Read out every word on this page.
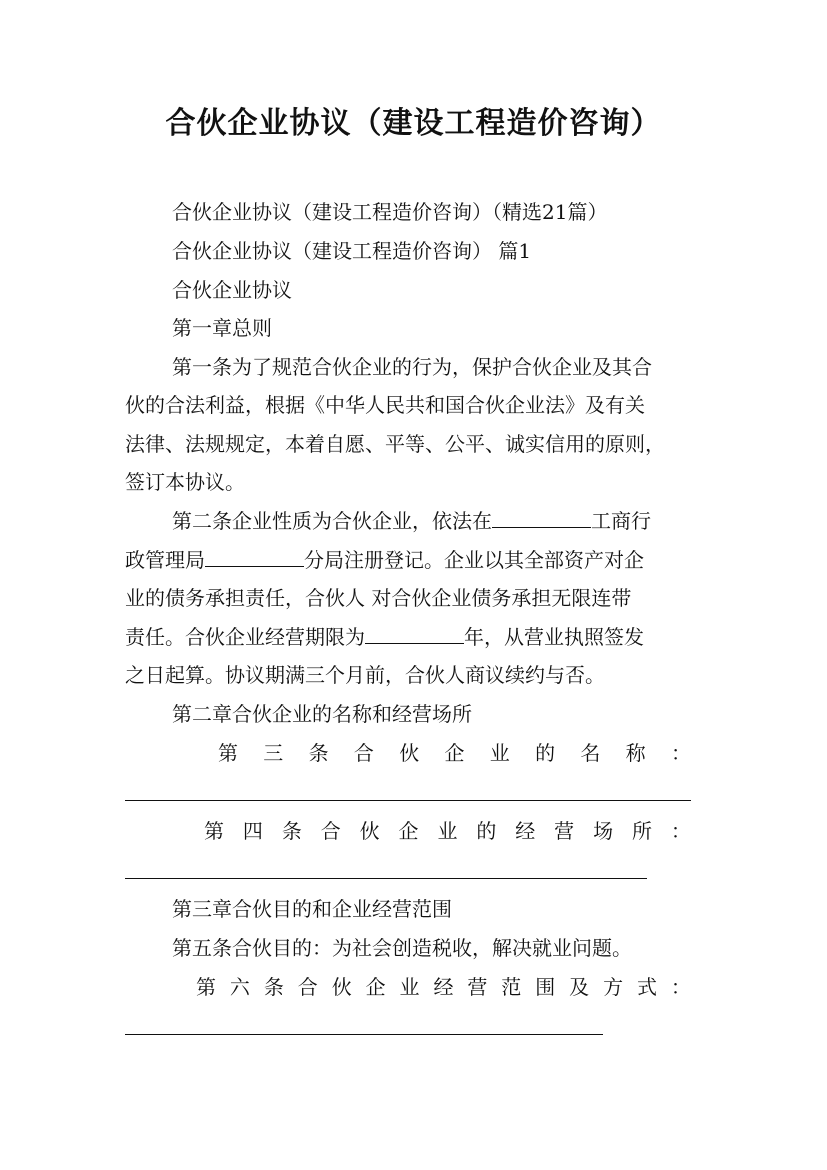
合伙企业协议（建设工程造价咨询）
合伙企业协议（建设工程造价咨询）（精选21篇）
合伙企业协议（建设工程造价咨询） 篇1
合伙企业协议
第一章总则
第一条为了规范合伙企业的行为，保护合伙企业及其合
伙的合法利益，根据《中华人民共和国合伙企业法》及有关
法律、法规规定，本着自愿、平等、公平、诚实信用的原则，
签订本协议。
第二条企业性质为合伙企业，依法在	工商行
政管理局	分局注册登记。企业以其全部资产对企
业的债务承担责任，合伙人 对合伙企业债务承担无限连带
责任。合伙企业经营期限为	年，从营业执照签发
之日起算。协议期满三个月前，合伙人商议续约与否。
第二章合伙企业的名称和经营场所
第 三 条 合 伙 企 业 的 名 称 ：
第 四 条 合 伙 企 业 的 经 营 场 所 ：
第三章合伙目的和企业经营范围
第五条合伙目的：为社会创造税收，解决就业问题。
第 六 条 合 伙 企 业 经 营 范 围 及 方 式 ：
